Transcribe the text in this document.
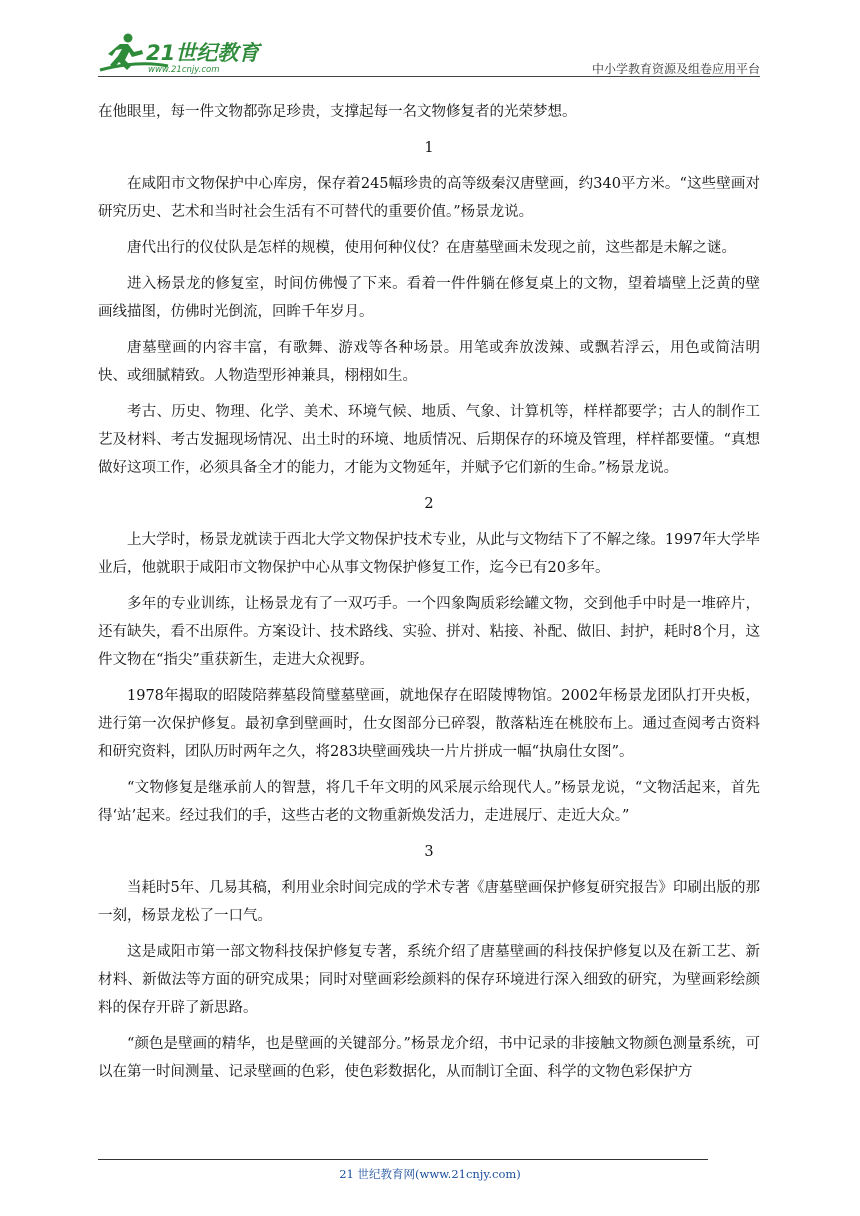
21世纪教育
www.21cnjy.com	中小学教育资源及组卷应用平台

在他眼里，每一件文物都弥足珍贵，支撑起每一名文物修复者的光荣梦想。

1

在咸阳市文物保护中心库房，保存着245幅珍贵的高等级秦汉唐壁画，约340平方米。“这些壁画对研究历史、艺术和当时社会生活有不可替代的重要价值。”杨景龙说。

唐代出行的仪仗队是怎样的规模，使用何种仪仗？在唐墓壁画未发现之前，这些都是未解之谜。

进入杨景龙的修复室，时间仿佛慢了下来。看着一件件躺在修复桌上的文物，望着墙壁上泛黄的壁画线描图，仿佛时光倒流，回眸千年岁月。

唐墓壁画的内容丰富，有歌舞、游戏等各种场景。用笔或奔放泼辣、或飘若浮云，用色或简洁明快、或细腻精致。人物造型形神兼具，栩栩如生。

考古、历史、物理、化学、美术、环境气候、地质、气象、计算机等，样样都要学；古人的制作工艺及材料、考古发掘现场情况、出土时的环境、地质情况、后期保存的环境及管理，样样都要懂。“真想做好这项工作，必须具备全才的能力，才能为文物延年，并赋予它们新的生命。”杨景龙说。

2

上大学时，杨景龙就读于西北大学文物保护技术专业，从此与文物结下了不解之缘。1997年大学毕业后，他就职于咸阳市文物保护中心从事文物保护修复工作，迄今已有20多年。

多年的专业训练，让杨景龙有了一双巧手。一个四象陶质彩绘罐文物，交到他手中时是一堆碎片，还有缺失，看不出原件。方案设计、技术路线、实验、拼对、粘接、补配、做旧、封护，耗时8个月，这件文物在“指尖”重获新生，走进大众视野。

1978年揭取的昭陵陪葬墓段简璧墓壁画，就地保存在昭陵博物馆。2002年杨景龙团队打开央板，进行第一次保护修复。最初拿到壁画时，仕女图部分已碎裂，散落粘连在桃胶布上。通过查阅考古资料和研究资料，团队历时两年之久，将283块壁画残块一片片拼成一幅“执扇仕女图”。

“文物修复是继承前人的智慧，将几千年文明的风采展示给现代人。”杨景龙说，“文物活起来，首先得‘站’起来。经过我们的手，这些古老的文物重新焕发活力，走进展厅、走近大众。”

3

当耗时5年、几易其稿，利用业余时间完成的学术专著《唐墓壁画保护修复研究报告》印刷出版的那一刻，杨景龙松了一口气。

这是咸阳市第一部文物科技保护修复专著，系统介绍了唐墓壁画的科技保护修复以及在新工艺、新材料、新做法等方面的研究成果；同时对壁画彩绘颜料的保存环境进行深入细致的研究，为壁画彩绘颜料的保存开辟了新思路。

“颜色是壁画的精华，也是壁画的关键部分。”杨景龙介绍，书中记录的非接触文物颜色测量系统，可以在第一时间测量、记录壁画的色彩，使色彩数据化，从而制订全面、科学的文物色彩保护方

21 世纪教育网(www.21cnjy.com)
